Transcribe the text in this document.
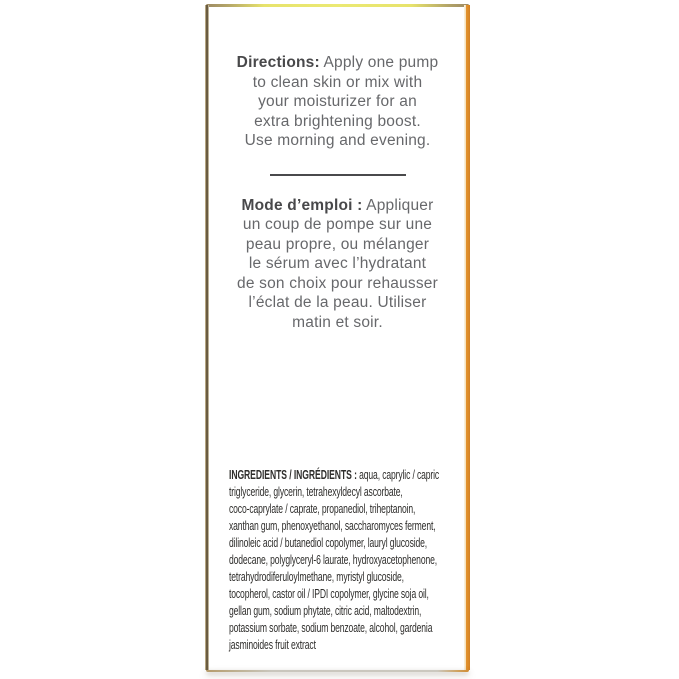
Directions: Apply one pump
to clean skin or mix with
your moisturizer for an
extra brightening boost.
Use morning and evening.
Mode d’emploi : Appliquer
un coup de pompe sur une
peau propre, ou mélanger
le sérum avec l’hydratant
de son choix pour rehausser
l’éclat de la peau. Utiliser
matin et soir.
INGREDIENTS / INGRÉDIENTS : aqua, caprylic / capric
triglyceride, glycerin, tetrahexyldecyl ascorbate,
coco-caprylate / caprate, propanediol, triheptanoin,
xanthan gum, phenoxyethanol, saccharomyces ferment,
dilinoleic acid / butanediol copolymer, lauryl glucoside,
dodecane, polyglyceryl-6 laurate, hydroxyacetophenone,
tetrahydrodiferuloylmethane, myristyl glucoside,
tocopherol, castor oil / IPDI copolymer, glycine soja oil,
gellan gum, sodium phytate, citric acid, maltodextrin,
potassium sorbate, sodium benzoate, alcohol, gardenia
jasminoides fruit extract
